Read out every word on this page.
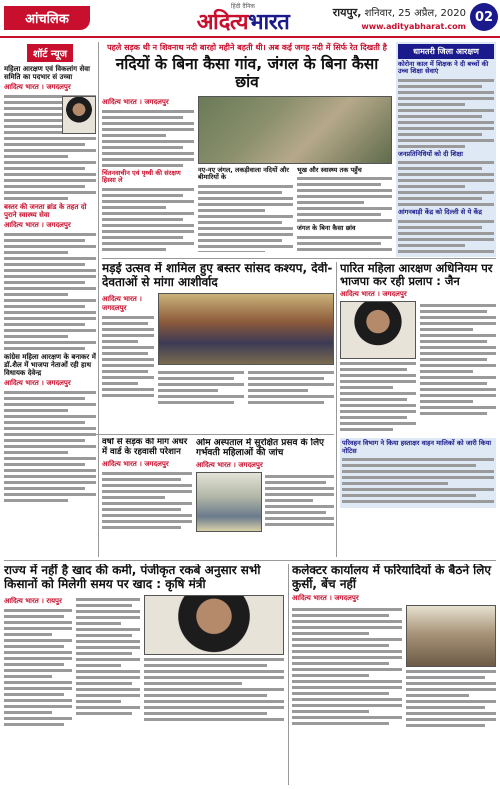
आंचलिक
हिंदी दैनिक
अदित्यभारत	रायपुर, शनिवार, 25 अप्रैल, 2020
www.adityabharat.com
02
शॉर्ट न्यूज
महिला आरक्षण एवं विकलांग सेवा समिति का पदभार सं उच्चा
आदित्य भारत । जगदलपुर
बस्तर की जनता ब्रांड के तहत दो पुराने स्वास्थ्य सेवा
आदित्य भारत । जगदलपुर
कांग्रेस महिला आरक्षण के बनाकर में डॉ.शैल में भाजपा नेताओं रही हाथ विधायक देवेन्द्र
आदित्य भारत । जगदलपुर
पहले सड़क थी न शिवनाथ नदी बारहो महीने बहती थी। अब कई जगह नदी में सिर्फ रेत दिखती है
नदियों के बिना कैसा गांव, जंगल के बिना कैसा छांव
आदित्य भारत । जगदलपुर
चिंतनवाचीन एवं पृथ्वी की संरक्षण हिस्सा ले
नए-नए जंगल, लकड़ीवाला नदियों और बीमारियों के
भूख और स्वास्थ्य तक पहुँच
जंगल के बिना कैसा छांव
धामतरी जिला आरक्षण
कोरोना काल में शिक्षक ने दी बच्चों की उच्च शिक्षा सेवाएं
जनप्रतिनिधियों को दी शिक्षा
आंगनबाड़ी केंद्र को दिल्ली से ये केंद्र
मड़ई उत्सव में शामिल हुए बस्तर सांसद कश्यप, देवी-देवताओं से मांगा आशीर्वाद
आदित्य भारत । जगदलपुर
पारित महिला आरक्षण अधिनियम पर भाजपा कर रही प्रलाप : जैन
आदित्य भारत । जगदलपुर
परिवहन विभाग ने किया हस्ताक्षर वाहन मालिकों को जारी किया नोटिस
वर्षों से सड़क की मांग अधर में वार्ड के रहवासी परेशान
आदित्य भारत । जगदलपुर
ओम अस्पताल में सुरक्षित प्रसव के लिए गर्भवती महिलाओं की जांच
आदित्य भारत । जगदलपुर
राज्य में नहीं है खाद की कमी, पंजीकृत रकबे अनुसार सभी किसानों को मिलेगी समय पर खाद : कृषि मंत्री
आदित्य भारत । रायपुर
कलेक्टर कार्यालय में फरियादियों के बैठने लिए कुर्सी, बेंच नहीं
आदित्य भारत । जगदलपुर
